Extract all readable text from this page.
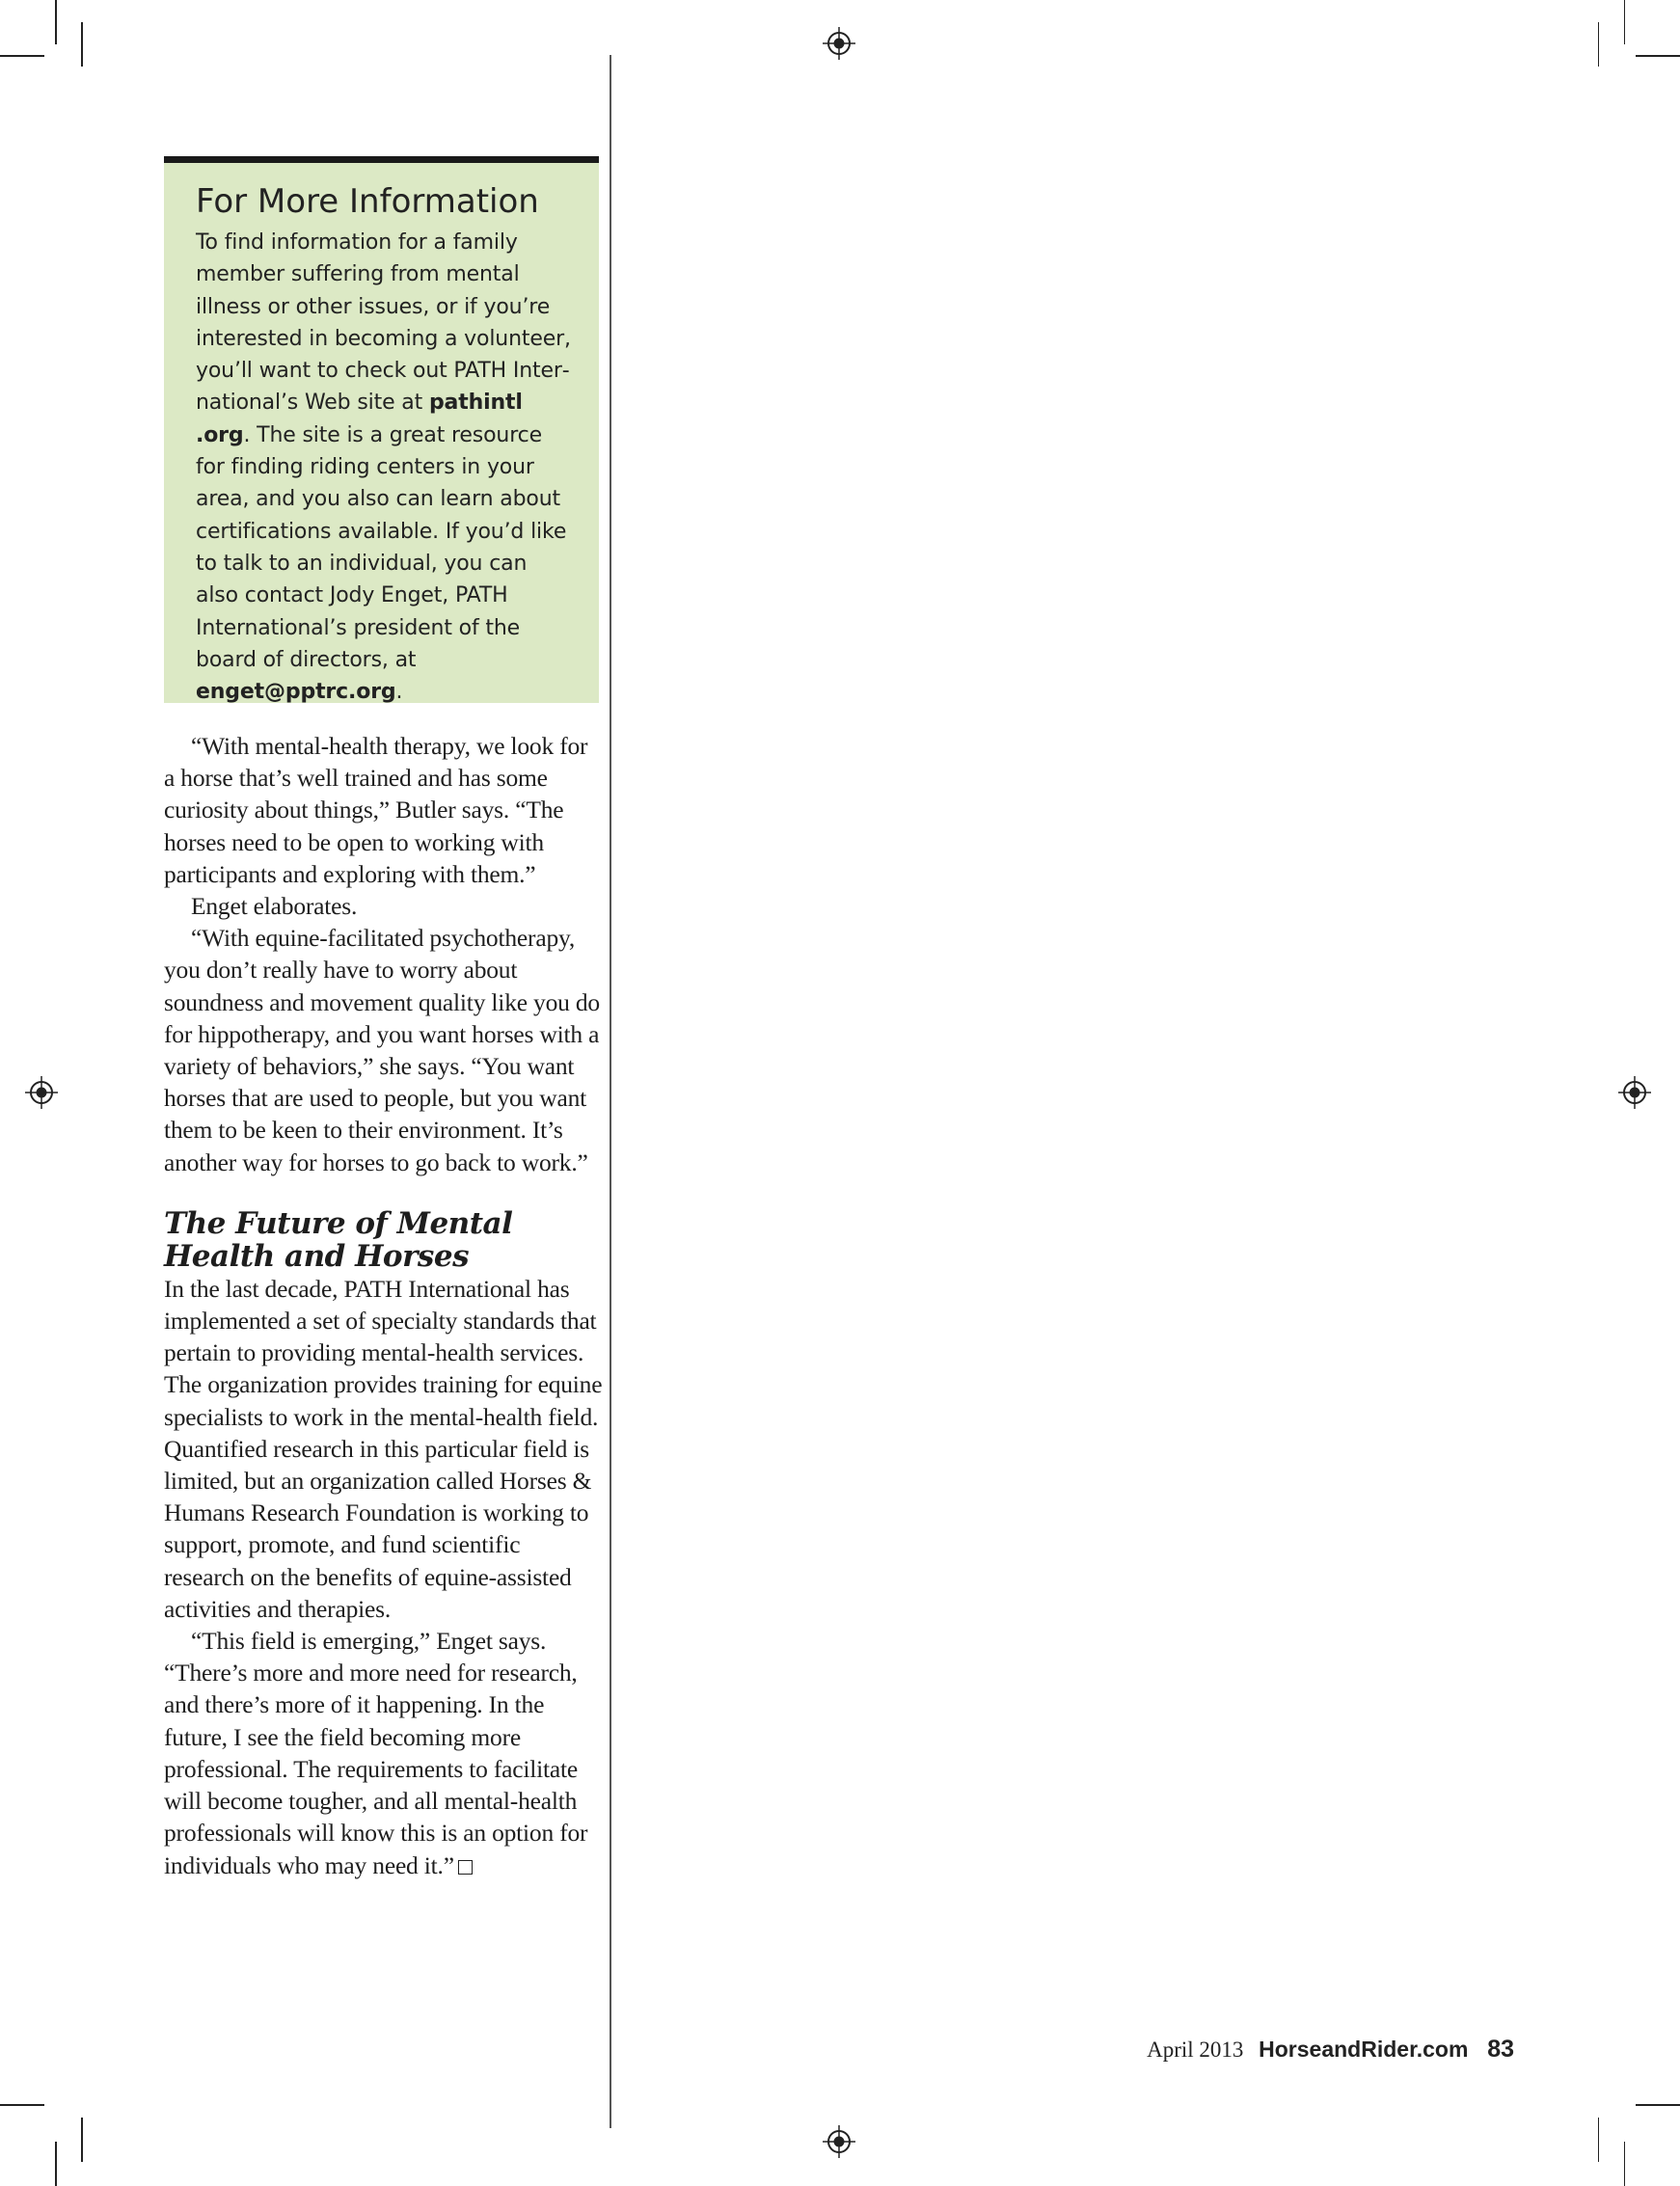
For More Information

To find information for a family member suffering from mental illness or other issues, or if you’re interested in becoming a volunteer, you’ll want to check out PATH International’s Web site at pathintl .org. The site is a great resource for finding riding centers in your area, and you also can learn about certifications available. If you’d like to talk to an individual, you can also contact Jody Enget, PATH International’s president of the board of directors, at enget@pptrc.org.

“With mental-health therapy, we look for a horse that’s well trained and has some curiosity about things,” Butler says. “The horses need to be open to working with participants and exploring with them.”

Enget elaborates.

“With equine-facilitated psychotherapy, you don’t really have to worry about soundness and movement quality like you do for hippotherapy, and you want horses with a variety of behaviors,” she says. “You want horses that are used to people, but you want them to be keen to their environment. It’s another way for horses to go back to work.”

The Future of Mental Health and Horses

In the last decade, PATH International has implemented a set of specialty standards that pertain to providing mental-health services. The organization provides training for equine specialists to work in the mental-health field. Quantified research in this particular field is limited, but an organization called Horses & Humans Research Foundation is working to support, promote, and fund scientific research on the benefits of equine-assisted activities and therapies.

“This field is emerging,” Enget says. “There’s more and more need for research, and there’s more of it happening. In the future, I see the field becoming more professional. The requirements to facilitate will become tougher, and all mental-health professionals will know this is an option for individuals who may need it.”

April 2013 HorseandRider.com 83
